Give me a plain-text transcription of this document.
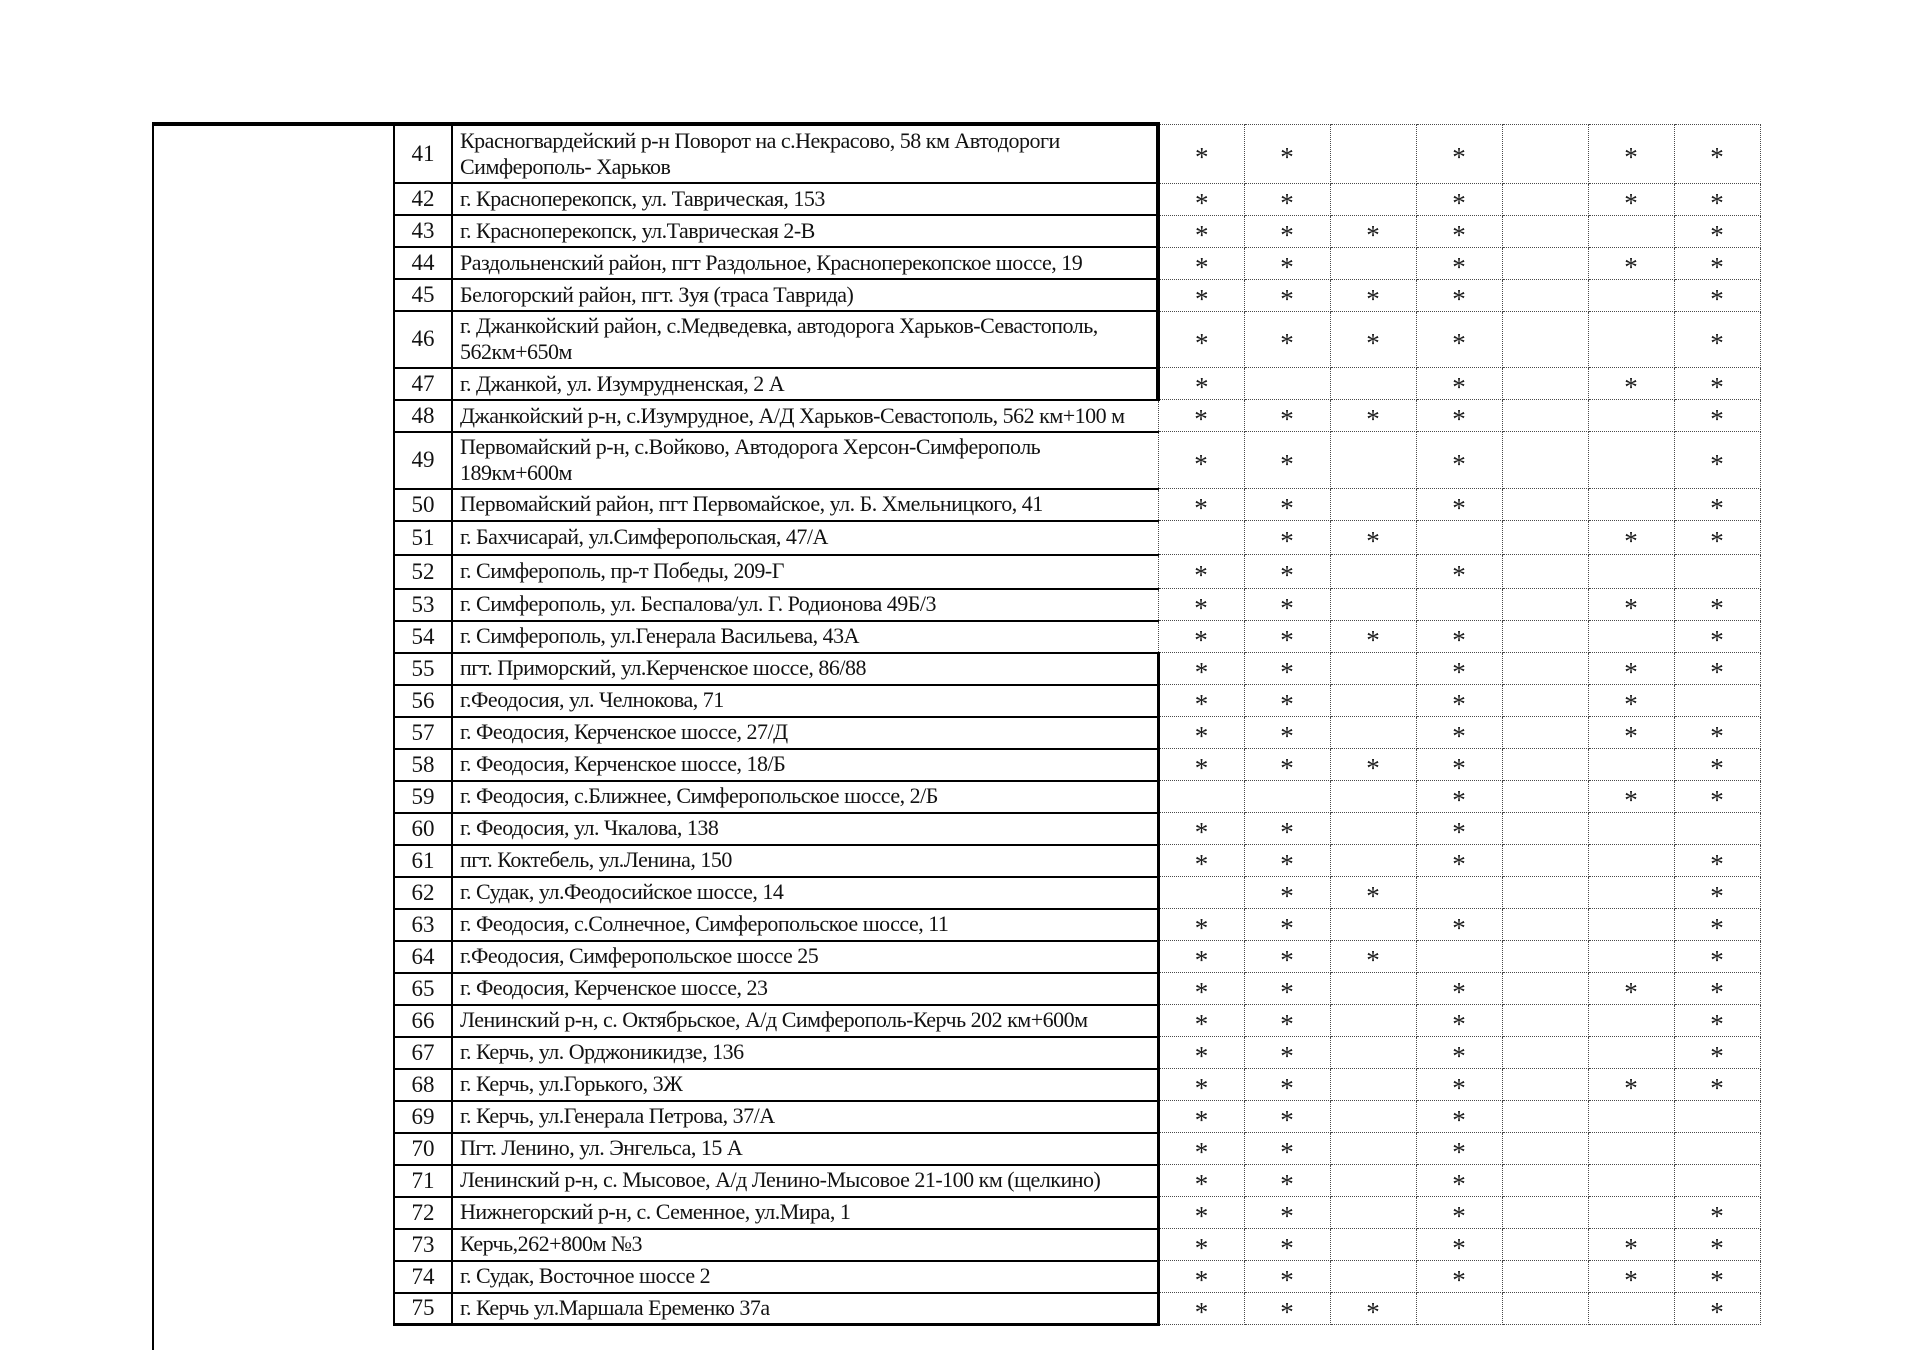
41	Красногвардейский р-н Поворот на с.Некрасово, 58 км Автодороги Симферополь- Харьков	*	*		*		*	*
42	г. Красноперекопск, ул. Таврическая, 153	*	*		*		*	*
43	г. Красноперекопск, ул.Таврическая 2-В	*	*	*	*			*
44	Раздольненский район, пгт Раздольное, Красноперекопское шоссе, 19	*	*		*		*	*
45	Белогорский район, пгт. Зуя (траса Таврида)	*	*	*	*			*
46	г. Джанкойский район, с.Медведевка, автодорога Харьков-Севастополь, 562км+650м	*	*	*	*			*
47	г. Джанкой, ул. Изумрудненская, 2 А	*			*		*	*
48	Джанкойский р-н, с.Изумрудное, А/Д Харьков-Севастополь, 562 км+100 м	*	*	*	*			*
49	Первомайский р-н, с.Войково, Автодорога Херсон-Симферополь 189км+600м	*	*		*			*
50	Первомайский район, пгт Первомайское, ул. Б. Хмельницкого, 41	*	*		*			*
51	г. Бахчисарай, ул.Симферопольская, 47/А		*	*			*	*
52	г. Симферополь, пр-т Победы, 209-Г	*	*		*			
53	г. Симферополь, ул. Беспалова/ул. Г. Родионова 49Б/3	*	*				*	*
54	г. Симферополь, ул.Генерала Васильева, 43А	*	*	*	*			*
55	пгт. Приморский, ул.Керченское шоссе, 86/88	*	*		*		*	*
56	г.Феодосия, ул. Челнокова, 71	*	*		*		*	
57	г. Феодосия, Керченское шоссе, 27/Д	*	*		*		*	*
58	г. Феодосия, Керченское шоссе, 18/Б	*	*	*	*			*
59	г. Феодосия, с.Ближнее, Симферопольское шоссе, 2/Б				*		*	*
60	г. Феодосия, ул. Чкалова, 138	*	*		*			
61	пгт. Коктебель, ул.Ленина, 150	*	*		*			*
62	г. Судак, ул.Феодосийское шоссе, 14		*	*				*
63	г. Феодосия, с.Солнечное, Симферопольское шоссе, 11	*	*		*			*
64	г.Феодосия, Симферопольское шоссе 25	*	*	*				*
65	г. Феодосия, Керченское шоссе, 23	*	*		*		*	*
66	Ленинский р-н, с. Октябрьское, А/д Симферополь-Керчь 202 км+600м	*	*		*			*
67	г. Керчь, ул. Орджоникидзе, 136	*	*		*			*
68	г. Керчь, ул.Горького, 3Ж	*	*		*		*	*
69	г. Керчь, ул.Генерала Петрова, 37/А	*	*		*			
70	Пгт. Ленино, ул. Энгельса, 15 А	*	*		*			
71	Ленинский р-н, с. Мысовое, А/д Ленино-Мысовое 21-100 км (щелкино)	*	*		*			
72	Нижнегорский р-н, с. Семенное, ул.Мира, 1	*	*		*			*
73	Керчь,262+800м №3	*	*		*		*	*
74	г. Судак, Восточное шоссе 2	*	*		*		*	*
75	г. Керчь ул.Маршала Еременко 37а	*	*	*				*
